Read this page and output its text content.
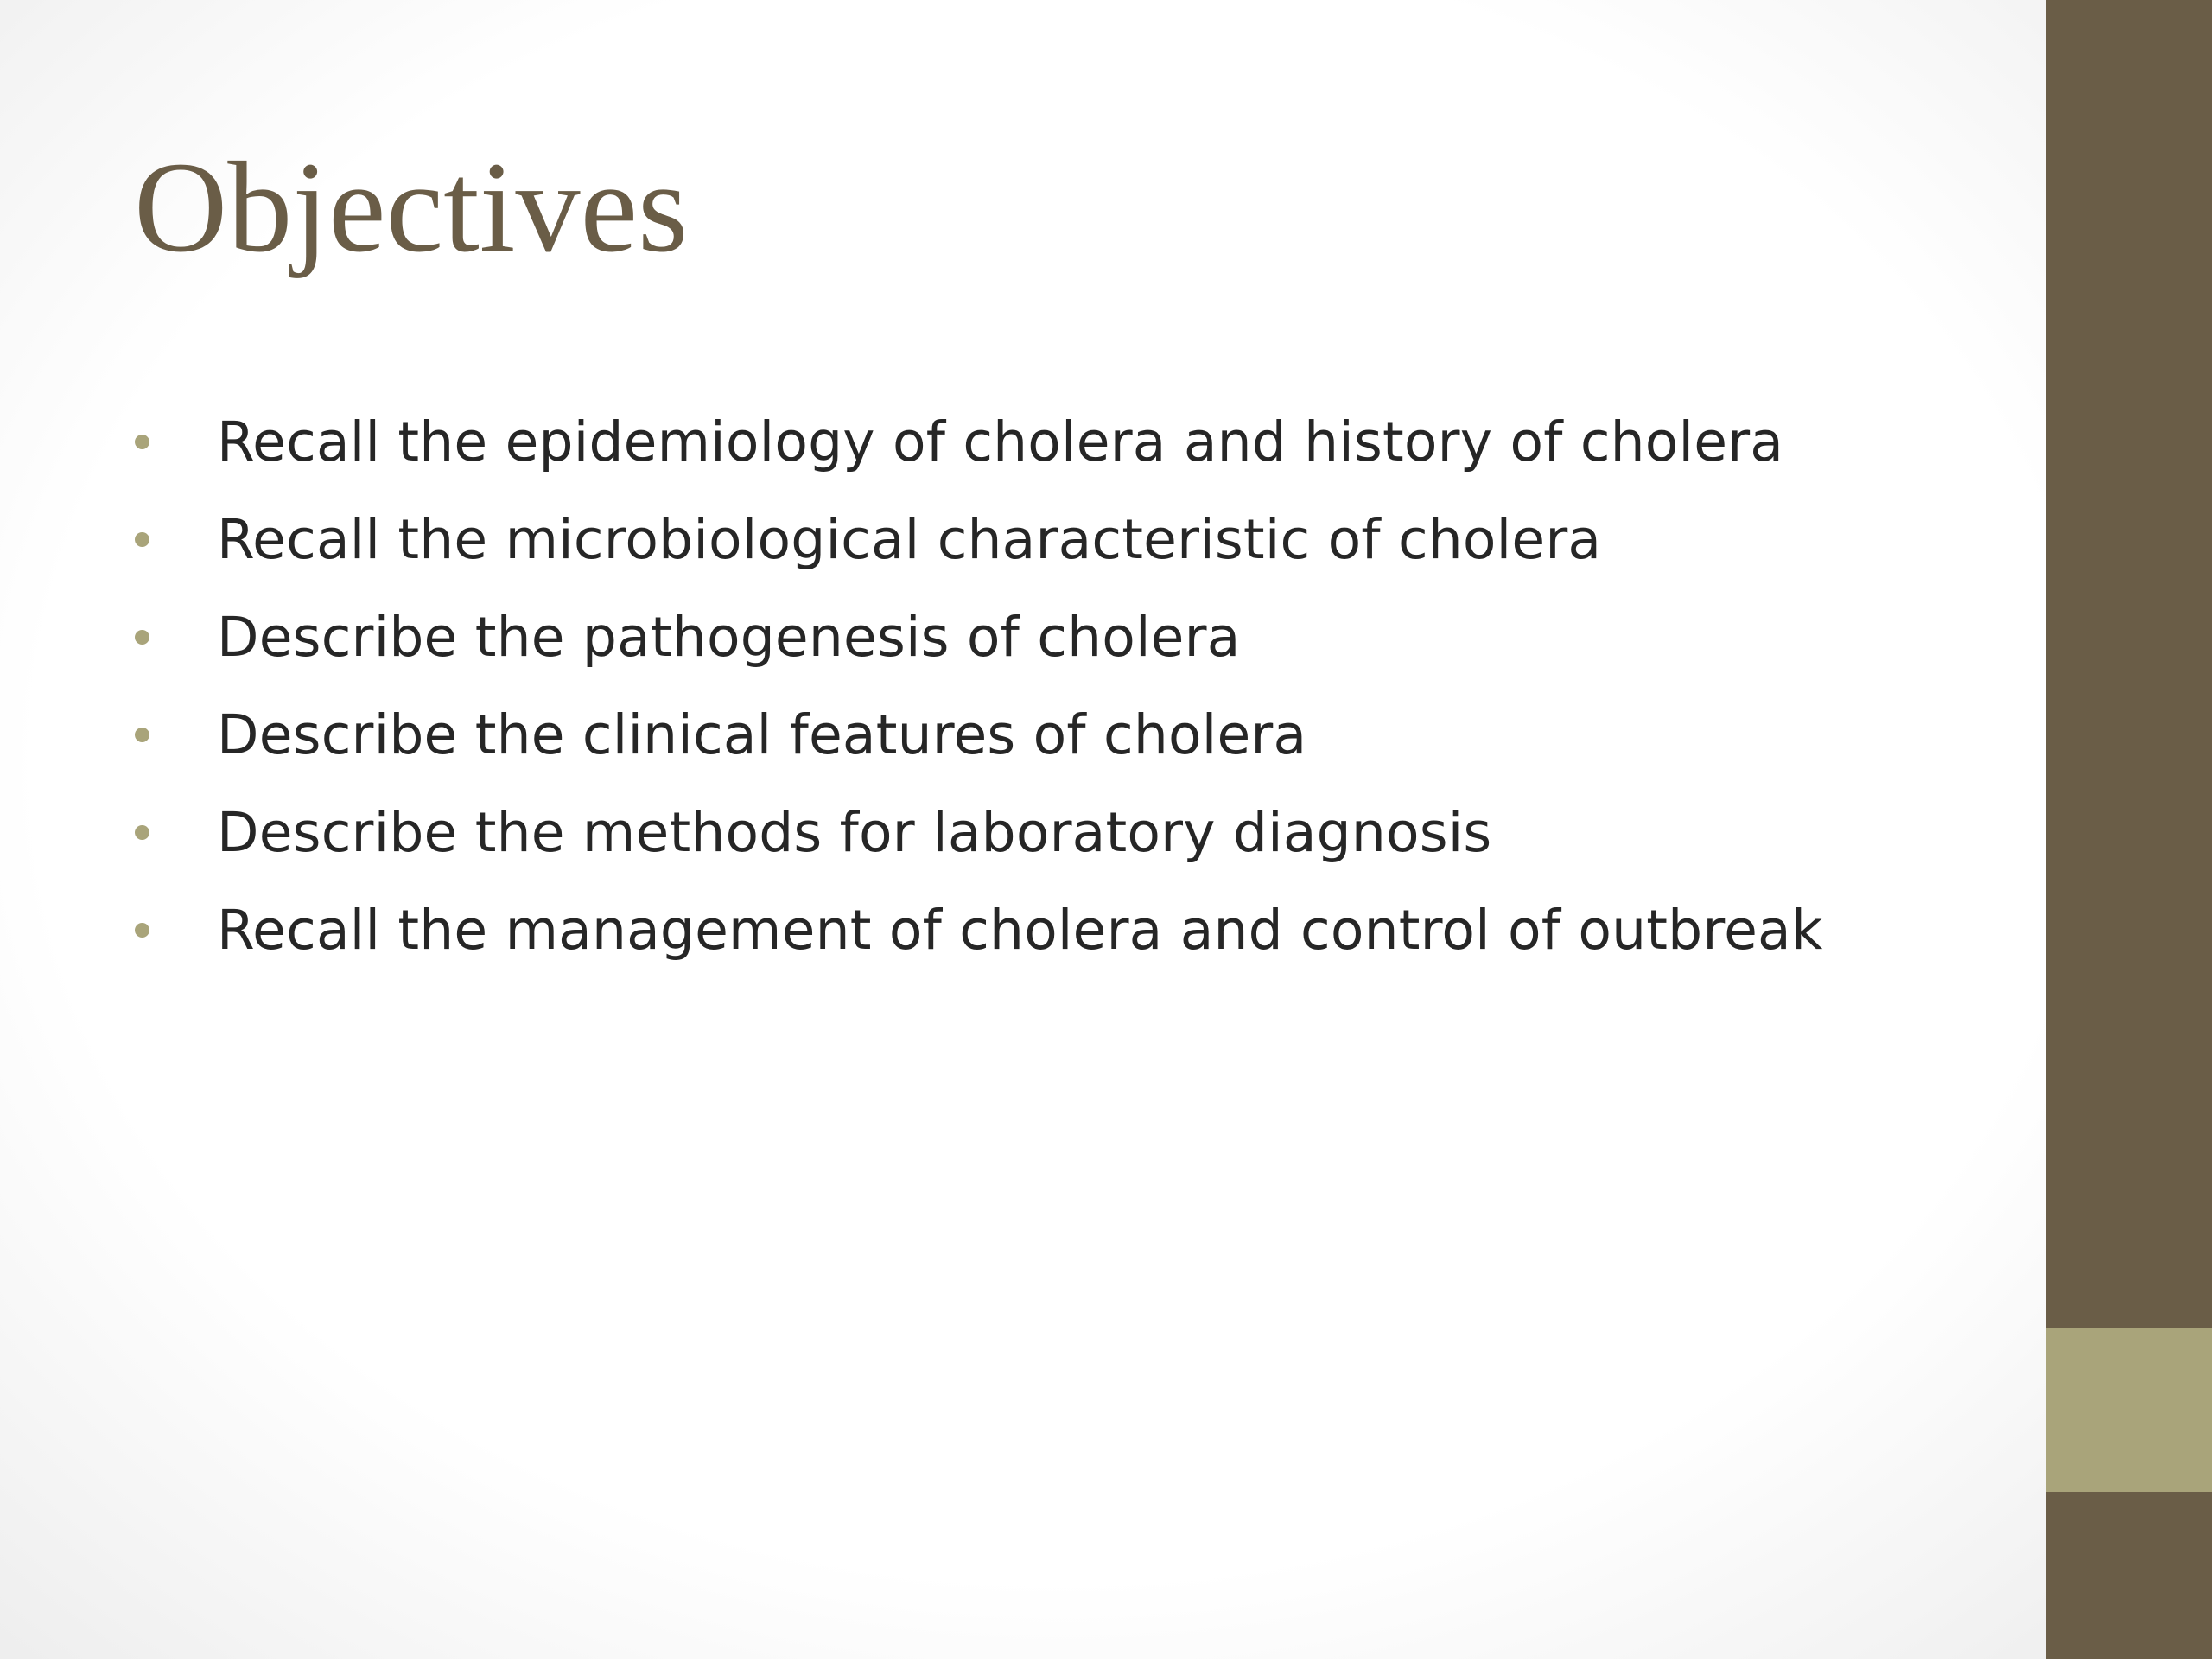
Objectives
Recall the epidemiology of cholera and history of cholera
Recall the microbiological characteristic of cholera
Describe the pathogenesis of cholera
Describe the clinical features of cholera
Describe the methods for laboratory diagnosis
Recall the management of cholera and control of outbreak
